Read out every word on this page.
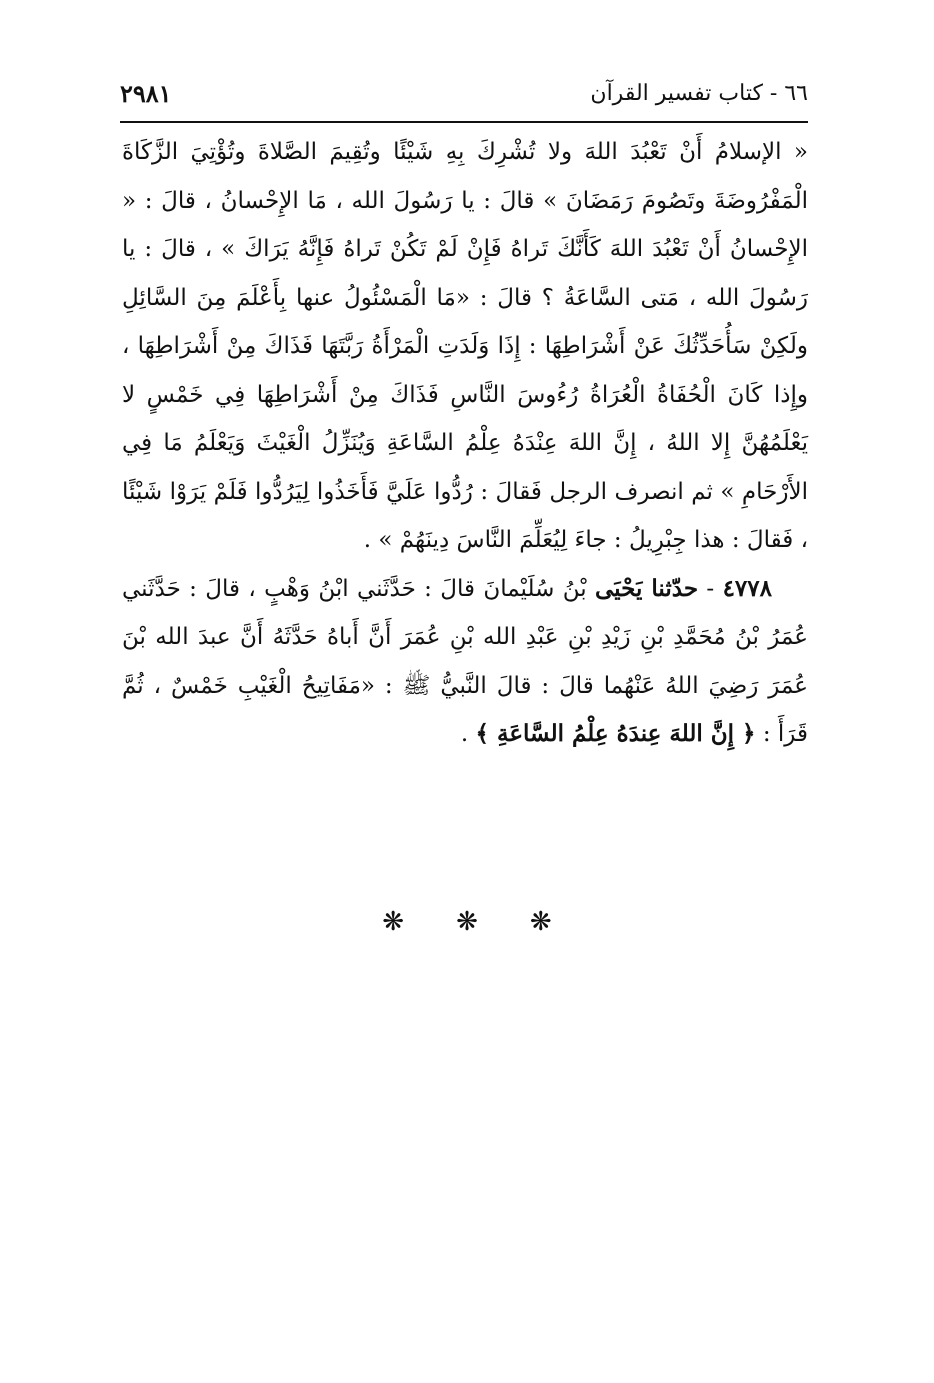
٦٦ - كتاب تفسير القرآن
٢٩٨١

« الإسلامُ أَنْ تَعْبُدَ اللهَ ولا تُشْرِكَ بِهِ شَيْئًا وتُقِيمَ الصَّلاةَ وتُؤْتِيَ الزَّكَاةَ الْمَفْرُوضَةَ وتَصُومَ رَمَضَانَ » قالَ : يا رَسُولَ الله ، مَا الإِحْسانُ ، قالَ : « الإِحْسانُ أَنْ تَعْبُدَ اللهَ كَأَنَّكَ تَراهُ فَإِنْ لَمْ تَكُنْ تَراهُ فَإِنَّهُ يَرَاكَ » ، قالَ : يا رَسُولَ الله ، مَتى السَّاعَةُ ؟ قالَ : «مَا الْمَسْئُولُ عنها بِأَعْلَمَ مِنَ السَّائِلِ ولَكِنْ سَأُحَدِّثُكَ عَنْ أَشْرَاطِهَا : إِذَا وَلَدَتِ الْمَرْأَةُ رَبَّتَهَا فَذَاكَ مِنْ أَشْرَاطِهَا ، وإِذا كَانَ الْحُفَاةُ الْعُرَاةُ رُءُوسَ النَّاسِ فَذَاكَ مِنْ أَشْرَاطِهَا فِي خَمْسٍ لا يَعْلَمُهُنَّ إِلا اللهُ ، إِنَّ اللهَ عِنْدَهُ عِلْمُ السَّاعَةِ وَيُنَزِّلُ الْغَيْثَ وَيَعْلَمُ مَا فِي الأَرْحَامِ » ثم انصرف الرجل فَقالَ : رُدُّوا عَلَيَّ فَأَخَذُوا لِيَرُدُّوا فَلَمْ يَرَوْا شَيْئًا ، فَقالَ : هذا جِبْرِيلُ : جاءَ لِيُعَلِّمَ النَّاسَ دِينَهُمْ » .

٤٧٧٨ - حدّثنا يَحْيَى بْنُ سُلَيْمانَ قالَ : حَدَّثَني ابْنُ وَهْبٍ ، قالَ : حَدَّثَني عُمَرُ بْنُ مُحَمَّدِ بْنِ زَيْدِ بْنِ عَبْدِ الله بْنِ عُمَرَ أَنَّ أَباهُ حَدَّثَهُ أَنَّ عبدَ الله بْنَ عُمَرَ رَضِيَ اللهُ عَنْهُما قالَ : قالَ النَّبيُّ ﷺ : «مَفَاتِيحُ الْغَيْبِ خَمْسٌ ، ثُمَّ قَرَأَ : ﴿ إِنَّ اللهَ عِندَهُ عِلْمُ السَّاعَةِ ﴾ .

❋ ❋ ❋
